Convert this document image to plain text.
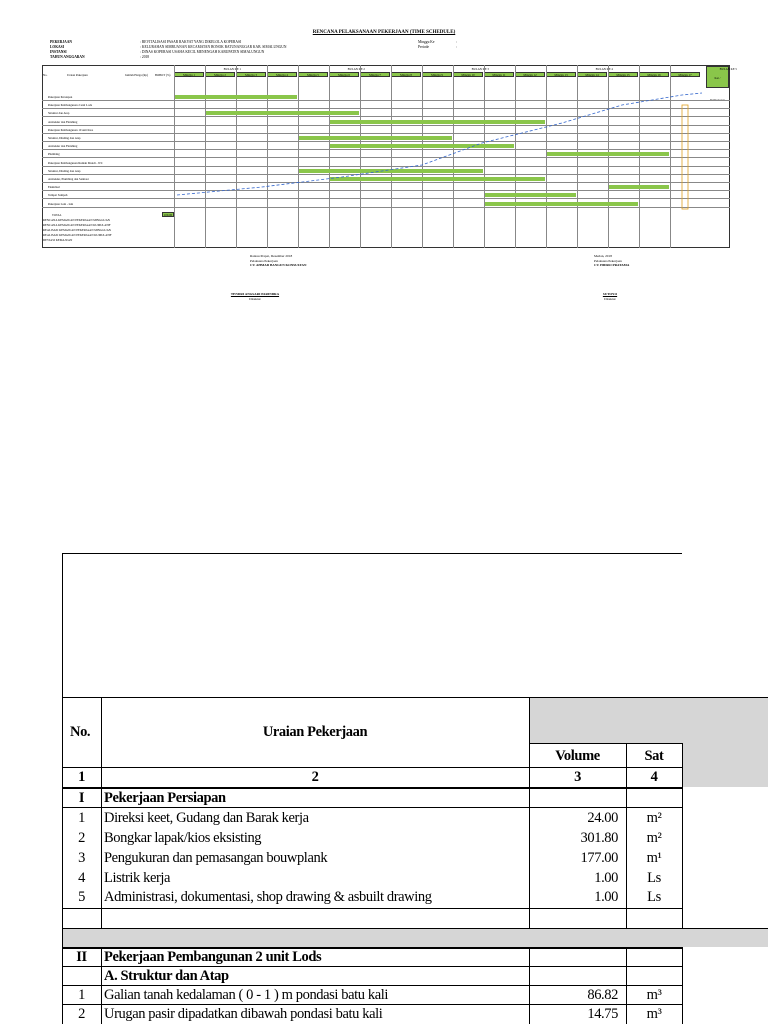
RENCANA PELAKSANAAN PEKERJAAN (TIME SCHEDULE)
PEKERJAAN	: REVITALISASI PASAR RAKYAT YANG DIKELOLA KOPERASI
LOKASI	: KELURAHAN SIMBUANAN KECAMATAN BONOK BATUNANGGAR KAB. SIMALUNGUN
INSTANSI	: DINAS KOPERASI USAHA KECIL MENENGAH KABUPATEN SIMALUNGUN
TAHUN ANGGARAN	: 2018
Minggu Ke	:
Periode	:
No.	Uraian Pekerjaan	Jumlah Harga (Rp) BOBOT (%)
Ket / Pembobotan
BULAN KE 1	BULAN KE 2	BULAN KE 3	BULAN KE 4	BULAN KE 5
Minggu 1	Minggu 2	Minggu 3	Minggu 4	Minggu 5	Minggu 6	Minggu 7	Minggu 8	Minggu 9	Minggu 10	Minggu 11	Minggu 12	Minggu 13	Minggu 14	Minggu 15	Minggu 16	Minggu 17
Pekerjaan Persiapan
Pekerjaan Pembangunan 2 unit Lods
Struktur dan Atap
Arsitektur dan Finishing
Pekerjaan Pembangunan 10 unit Kios
Struktur, Dinding dan Atap
Arsitektur dan Finishing
Plumbing
Pekerjaan Pembangunan Rumah Mandi - WC
Struktur, Dinding dan Atap
Arsitektur, Plumbing dan Sanitasi
Elektrikal
Tempat Sampah
Pekerjaan Lain - lain
TOTAL	100.00
RENCANA KEMAJUAN PEKERJAAN MINGGUAN
RENCANA KEMAJUAN PEKERJAAN KUMULATIF
REALISASI KEMAJUAN PEKERJAAN MINGGUAN
REALISASI KEMAJUAN PEKERJAAN KUMULATIF
DEVIASI KEMAJUAN
Rantau Prapat, Desember 2018
Pelaksana Pekerjaan
CV. AHMAD BANGUN KONSULTAN
Medan, 2018
Pelaksana Pekerjaan
CV. HIDRO PRATAMA
TENDRI ANGSARI PARINDRA
Direktur
SUTOYO
Direktur
No.	Uraian Pekerjaan
Volume	Sat
1	2	3	4
I	Pekerjaan Persiapan
1	Direksi keet, Gudang dan Barak kerja	24.00	m²
2	Bongkar lapak/kios eksisting	301.80	m²
3	Pengukuran dan pemasangan bouwplank	177.00	m¹
4	Listrik kerja	1.00	Ls
5	Administrasi, dokumentasi, shop drawing & asbuilt drawing	1.00	Ls
II	Pekerjaan Pembangunan 2 unit Lods
A. Struktur dan Atap
1	Galian tanah kedalaman ( 0 - 1 ) m pondasi batu kali	86.82	m³
2	Urugan pasir dipadatkan dibawah pondasi batu kali	14.75	m³
